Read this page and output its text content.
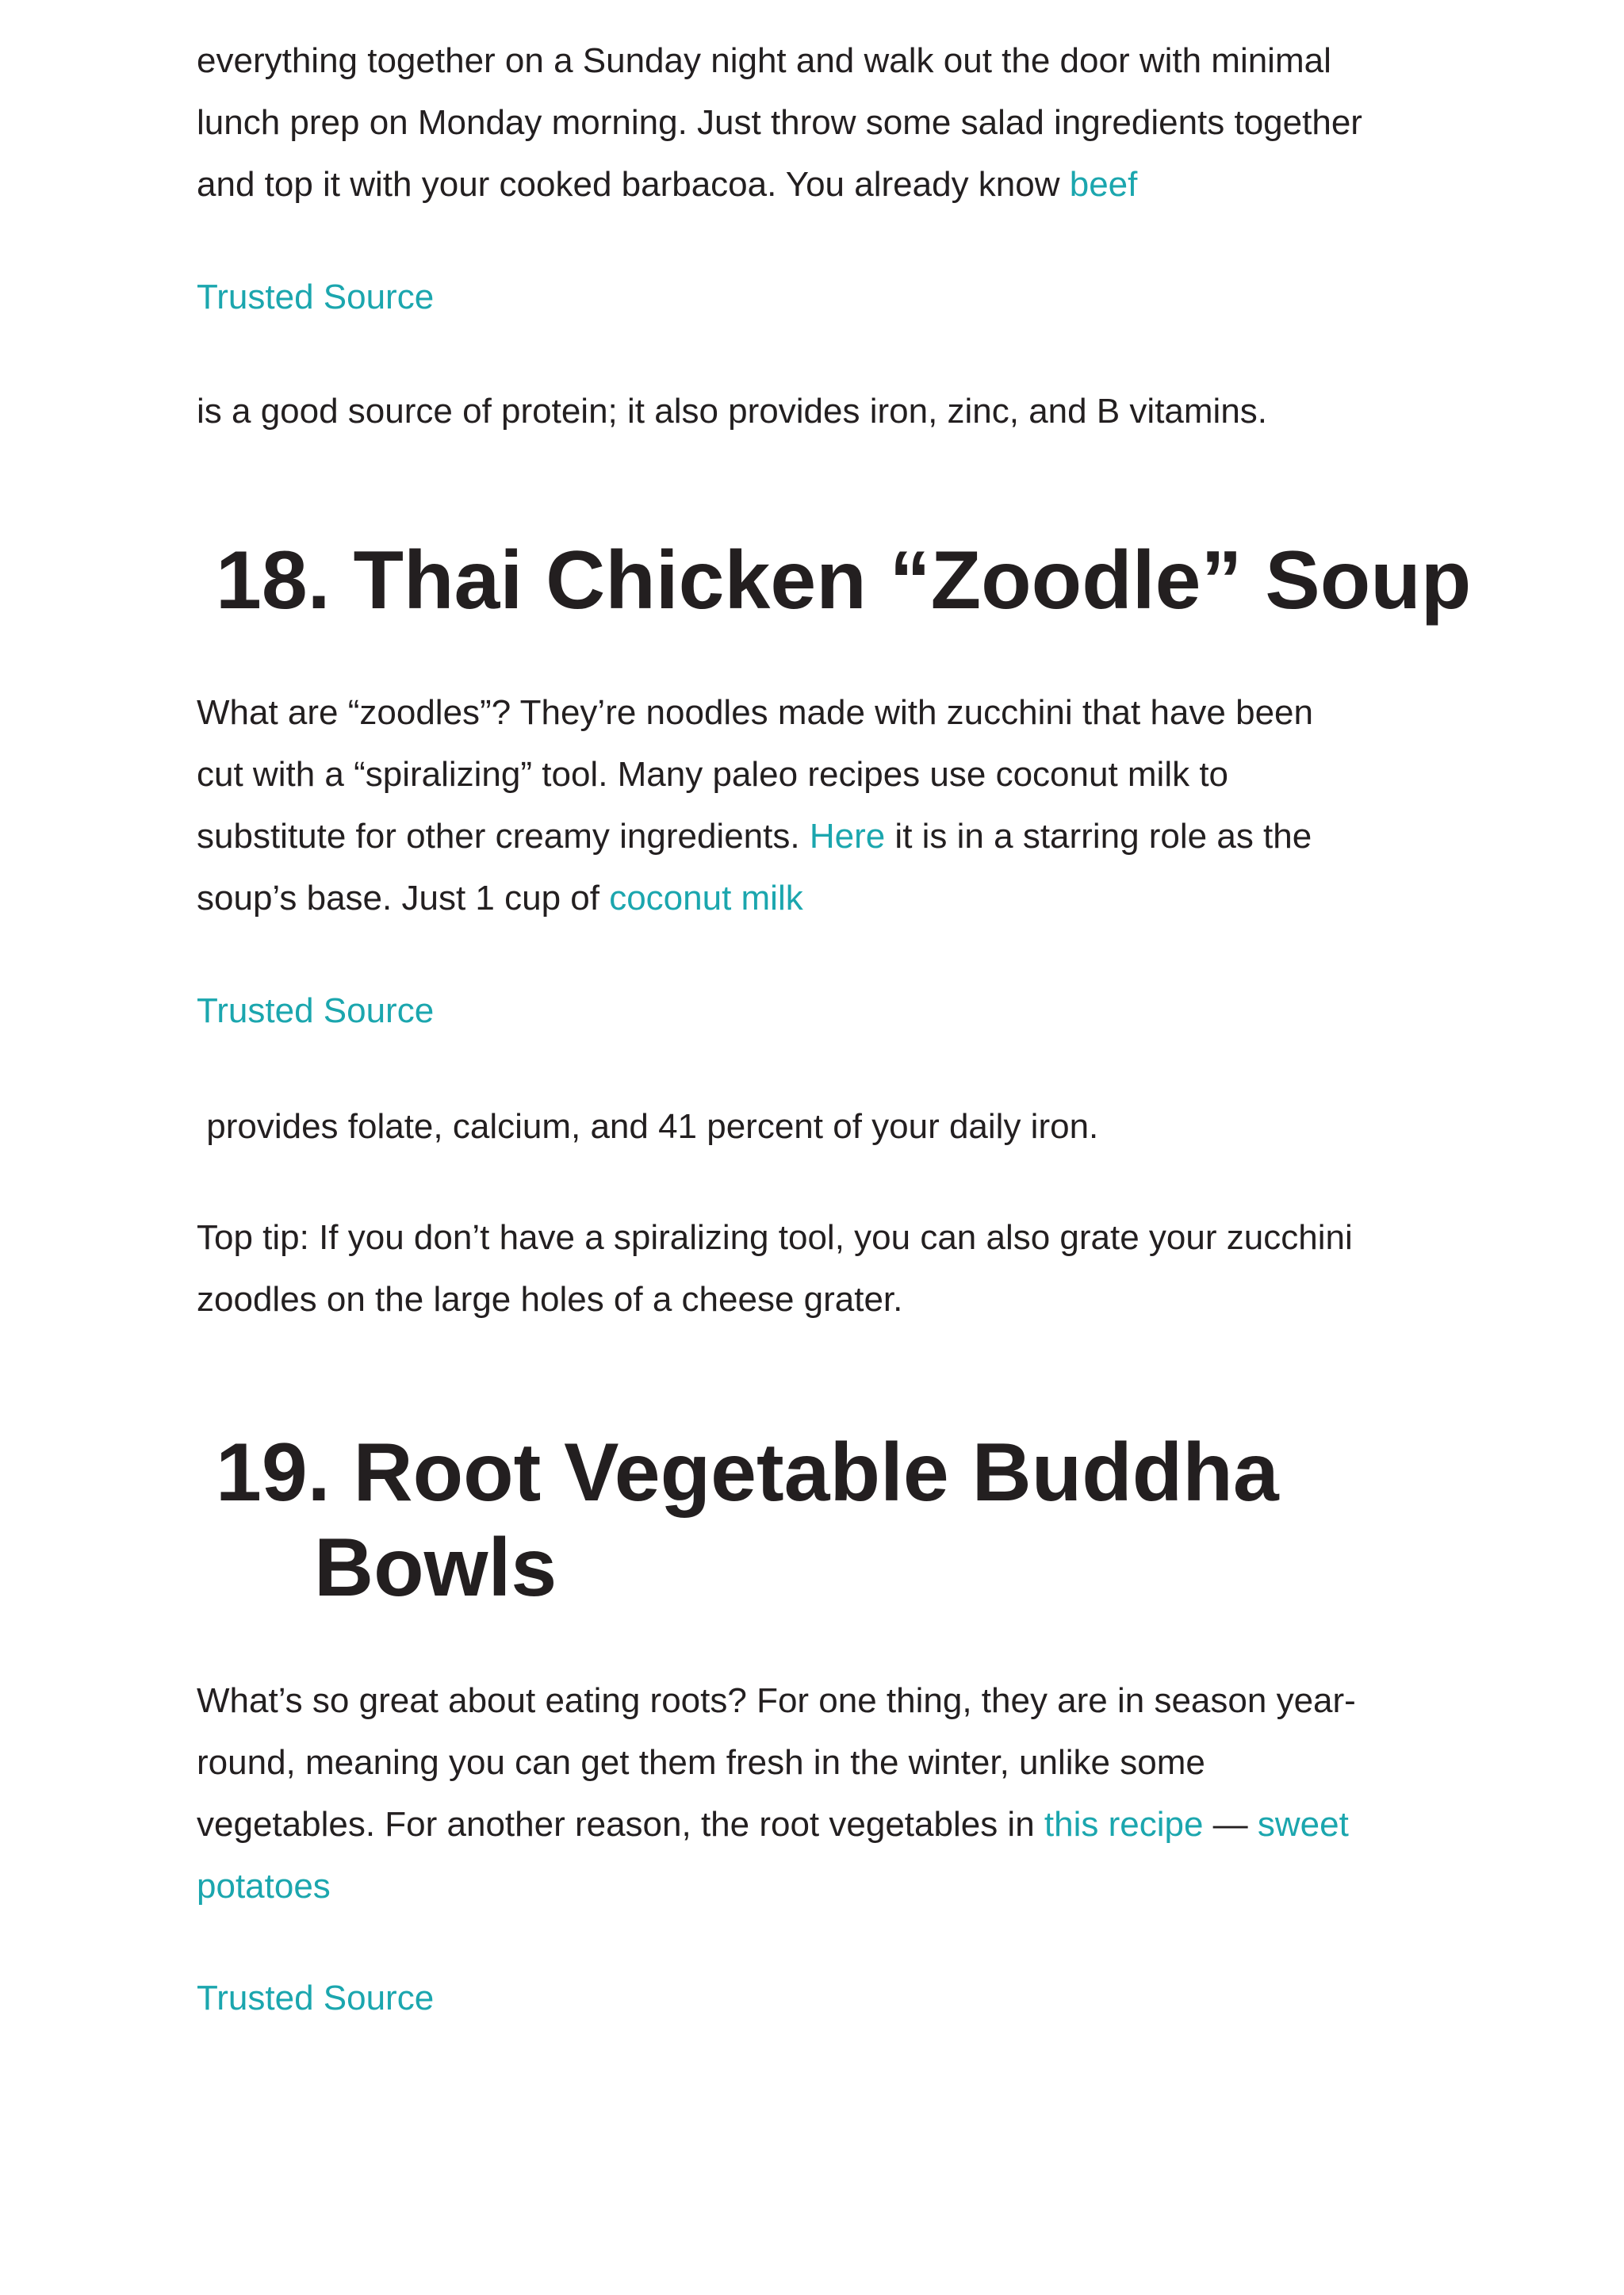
everything together on a Sunday night and walk out the door with minimal
lunch prep on Monday morning. Just throw some salad ingredients together
and top it with your cooked barbacoa. You already know beef

Trusted Source

is a good source of protein; it also provides iron, zinc, and B vitamins.
18. Thai Chicken “Zoodle” Soup
What are “zoodles”? They’re noodles made with zucchini that have been
cut with a “spiralizing” tool. Many paleo recipes use coconut milk to
substitute for other creamy ingredients. Here it is in a starring role as the
soup’s base. Just 1 cup of coconut milk

Trusted Source

provides folate, calcium, and 41 percent of your daily iron.
Top tip: If you don’t have a spiralizing tool, you can also grate your zucchini
zoodles on the large holes of a cheese grater.
19. Root Vegetable Buddha
Bowls
What’s so great about eating roots? For one thing, they are in season year-
round, meaning you can get them fresh in the winter, unlike some
vegetables. For another reason, the root vegetables in this recipe — sweet
potatoes

Trusted Source
